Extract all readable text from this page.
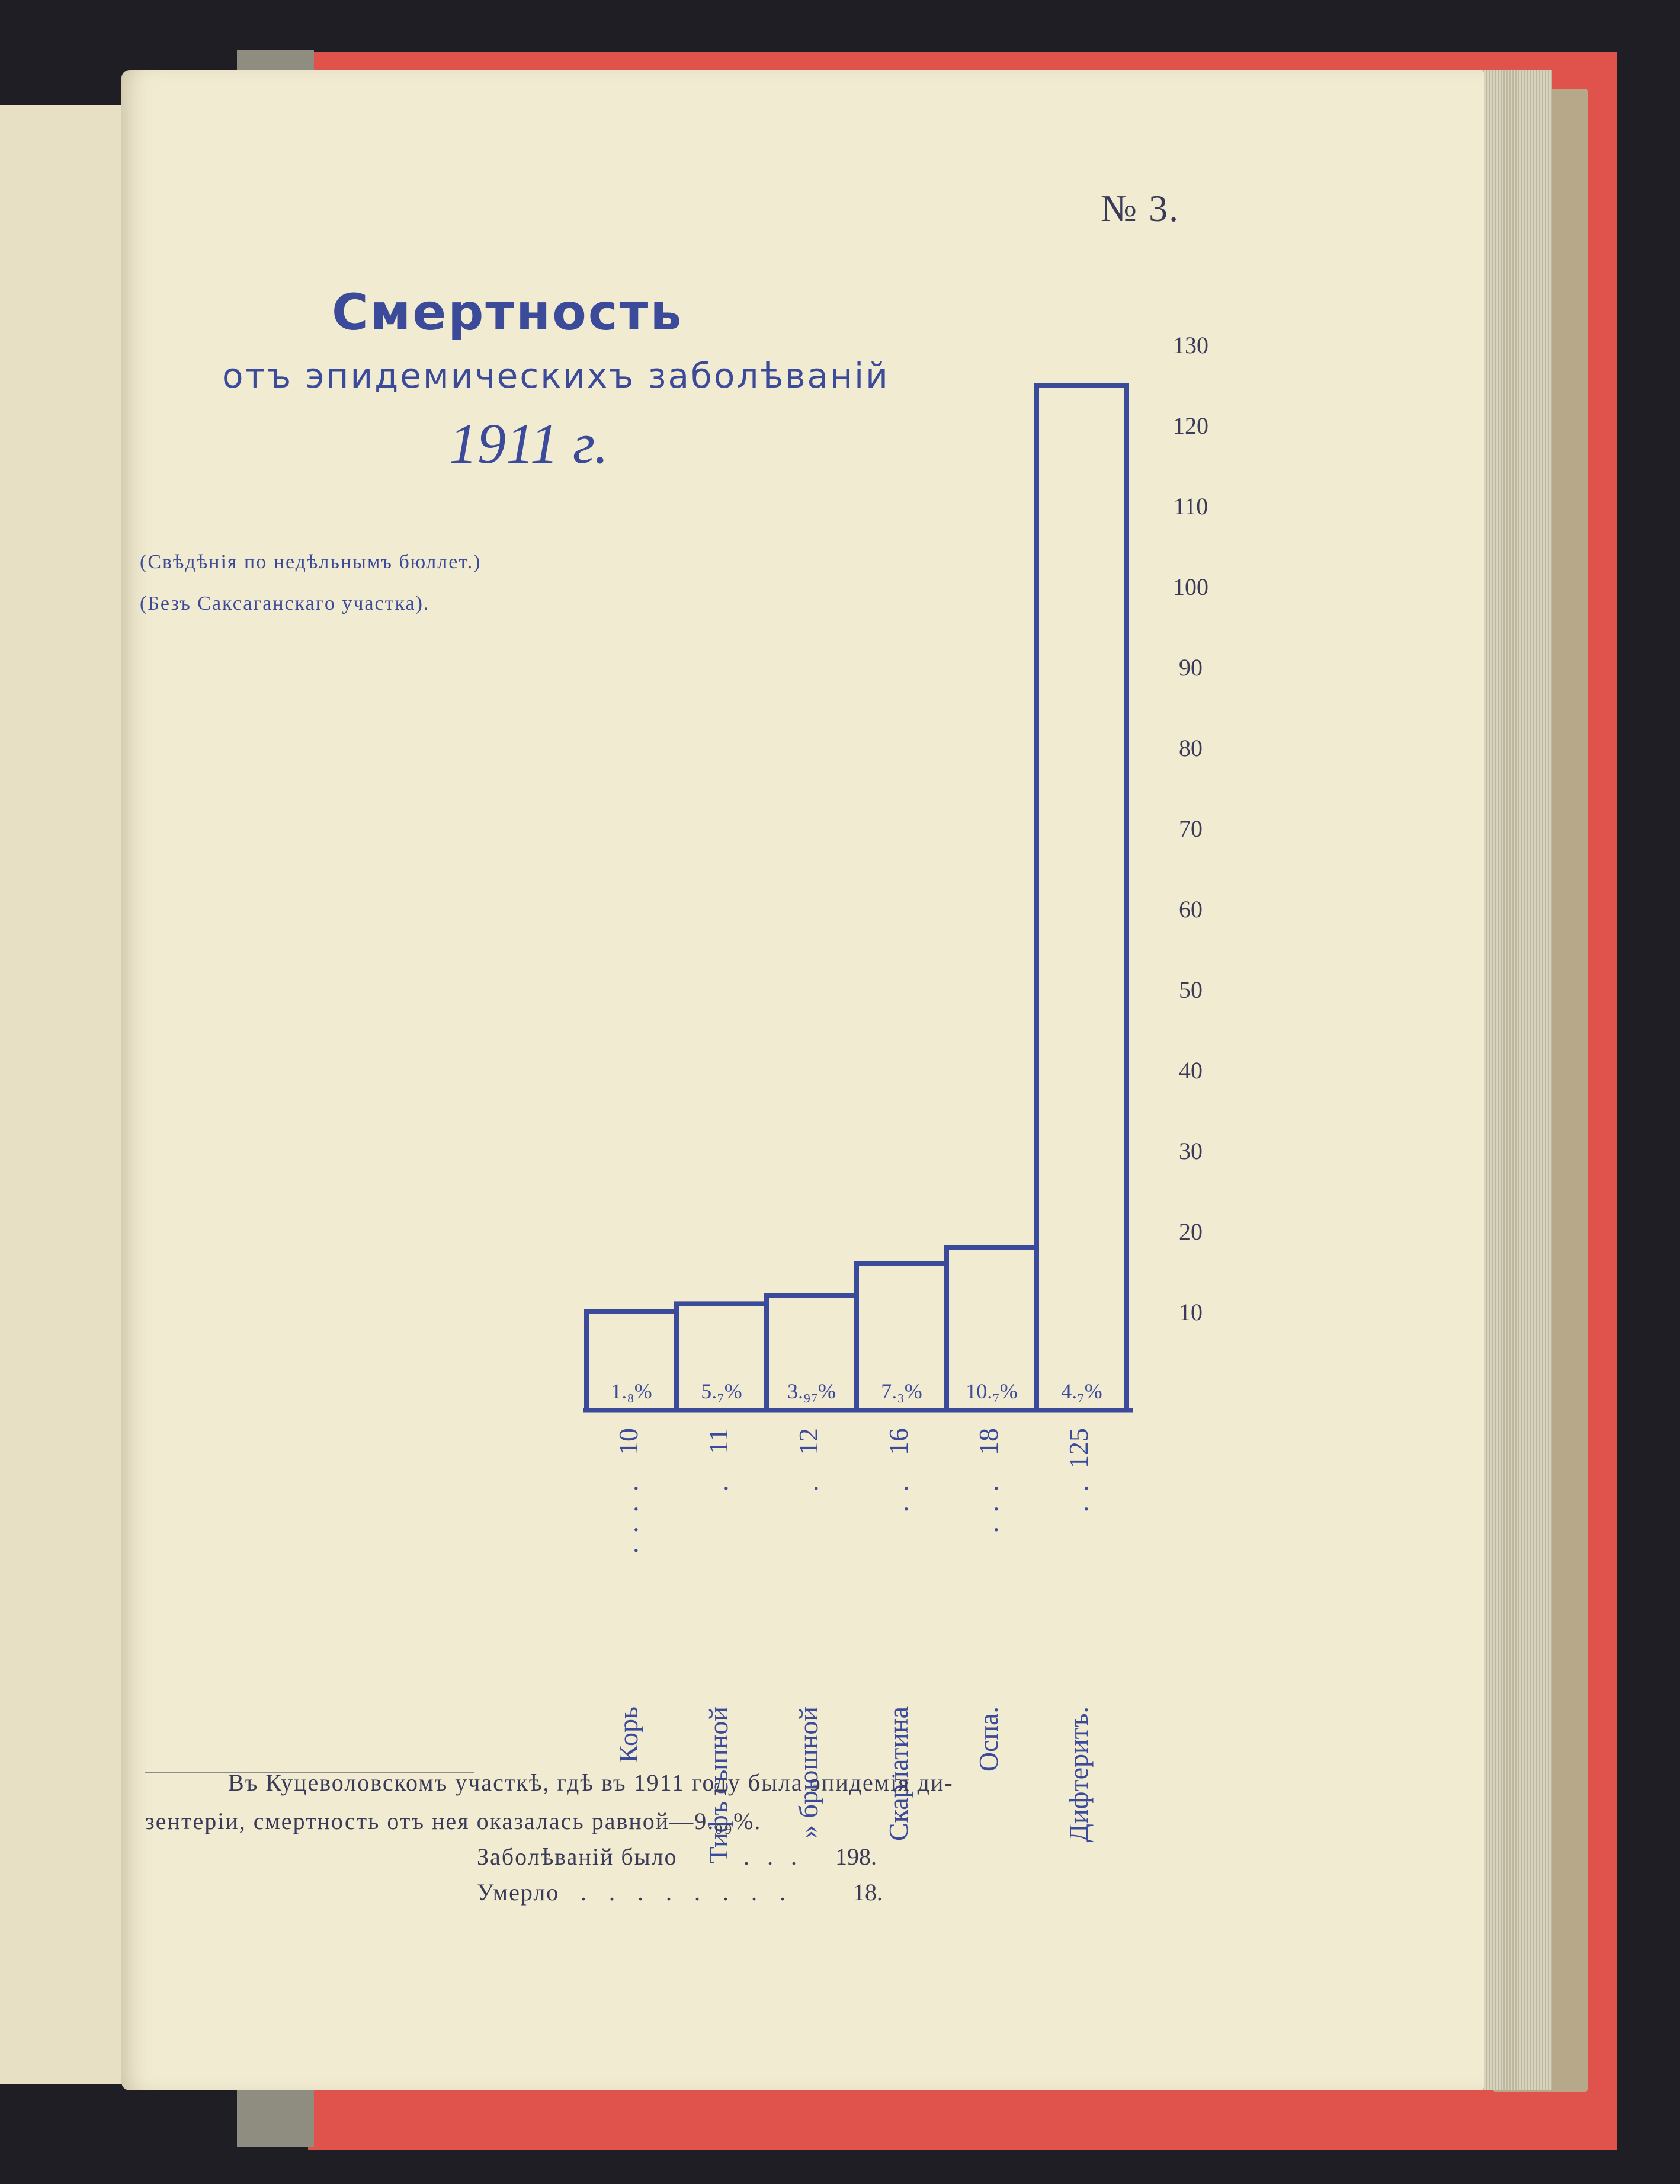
№ 3.
Смертность
отъ эпидемическихъ заболѣваній
1911 г.
(Свѣдѣнія по недѣльнымъ бюллет.)
(Безъ Саксаганскаго участка).
1.₈% 5.₇% 3.₉₇% 7.₃% 10.₇% 4.₇%
10
20
30
40
50
60
70
80
90
100
110
120
130
10
. . . .
Корь
11
.
Тифъ сыпной
12
.
» брюшной
16
. .
Скарлатина
18
. . .
Оспа.
125
. .
Дифтеритъ.
Въ Куцеволовскомъ участкѣ, гдѣ въ 1911 году была эпидемія ди-
зентеріи, смертность отъ нея оказалась равной—9.₀₉%.
Заболѣваній было	. . . 198.
Умерло . . . . . . . .	18.
